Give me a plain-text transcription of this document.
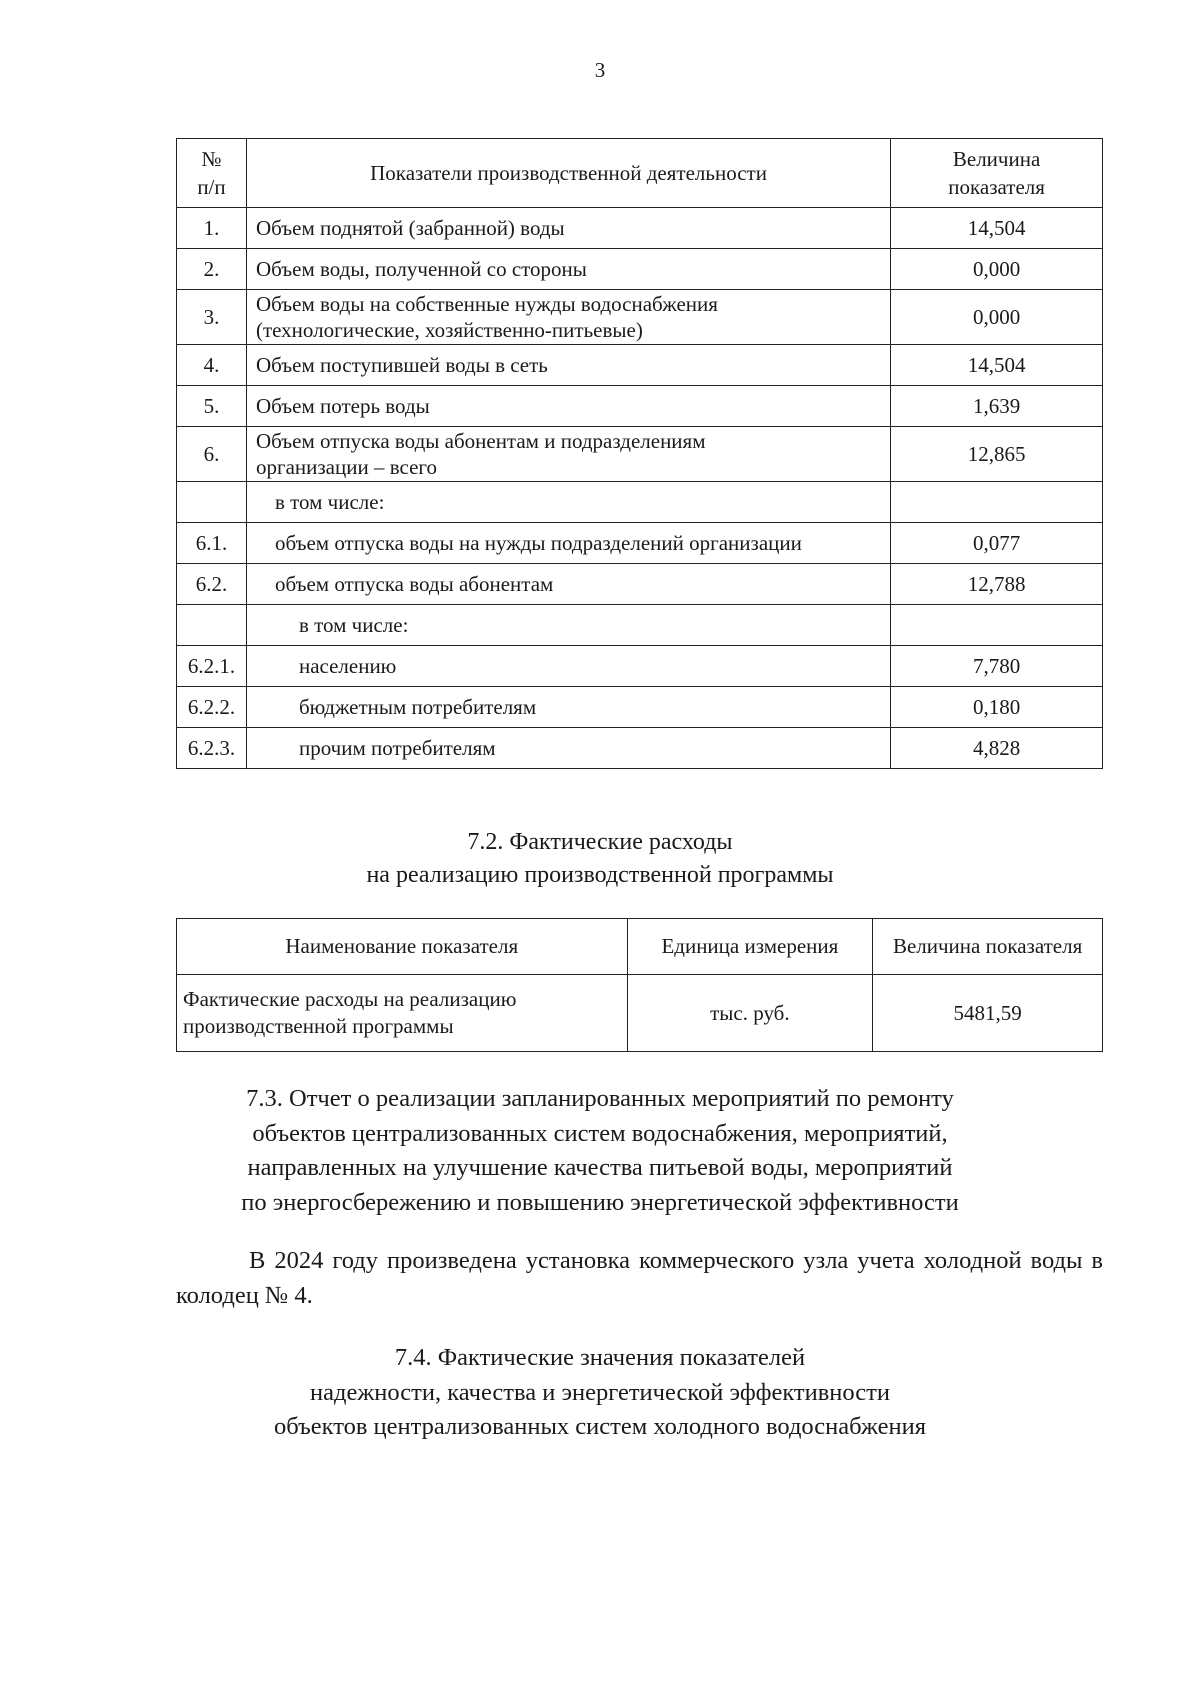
3
№
п/п	Показатели производственной деятельности	Величина
показателя
1.	Объем поднятой (забранной) воды	14,504
2.	Объем воды, полученной со стороны	0,000
3.	Объем воды на собственные нужды водоснабжения
(технологические, хозяйственно-питьевые)	0,000
4.	Объем поступившей воды в сеть	14,504
5.	Объем потерь воды	1,639
6.	Объем отпуска воды абонентам и подразделениям
организации – всего	12,865
	в том числе:	
6.1.	объем отпуска воды на нужды подразделений организации	0,077
6.2.	объем отпуска воды абонентам	12,788
	в том числе:	
6.2.1.	населению	7,780
6.2.2.	бюджетным потребителям	0,180
6.2.3.	прочим потребителям	4,828
7.2. Фактические расходы
на реализацию производственной программы
Наименование показателя	Единица измерения	Величина показателя
Фактические расходы на реализацию
производственной программы	тыс. руб.	5481,59
7.3. Отчет о реализации запланированных мероприятий по ремонту
объектов централизованных систем водоснабжения, мероприятий,
направленных на улучшение качества питьевой воды, мероприятий
по энергосбережению и повышению энергетической эффективности
В 2024 году произведена установка коммерческого узла учета холодной воды в колодец № 4.
7.4. Фактические значения показателей
надежности, качества и энергетической эффективности
объектов централизованных систем холодного водоснабжения
